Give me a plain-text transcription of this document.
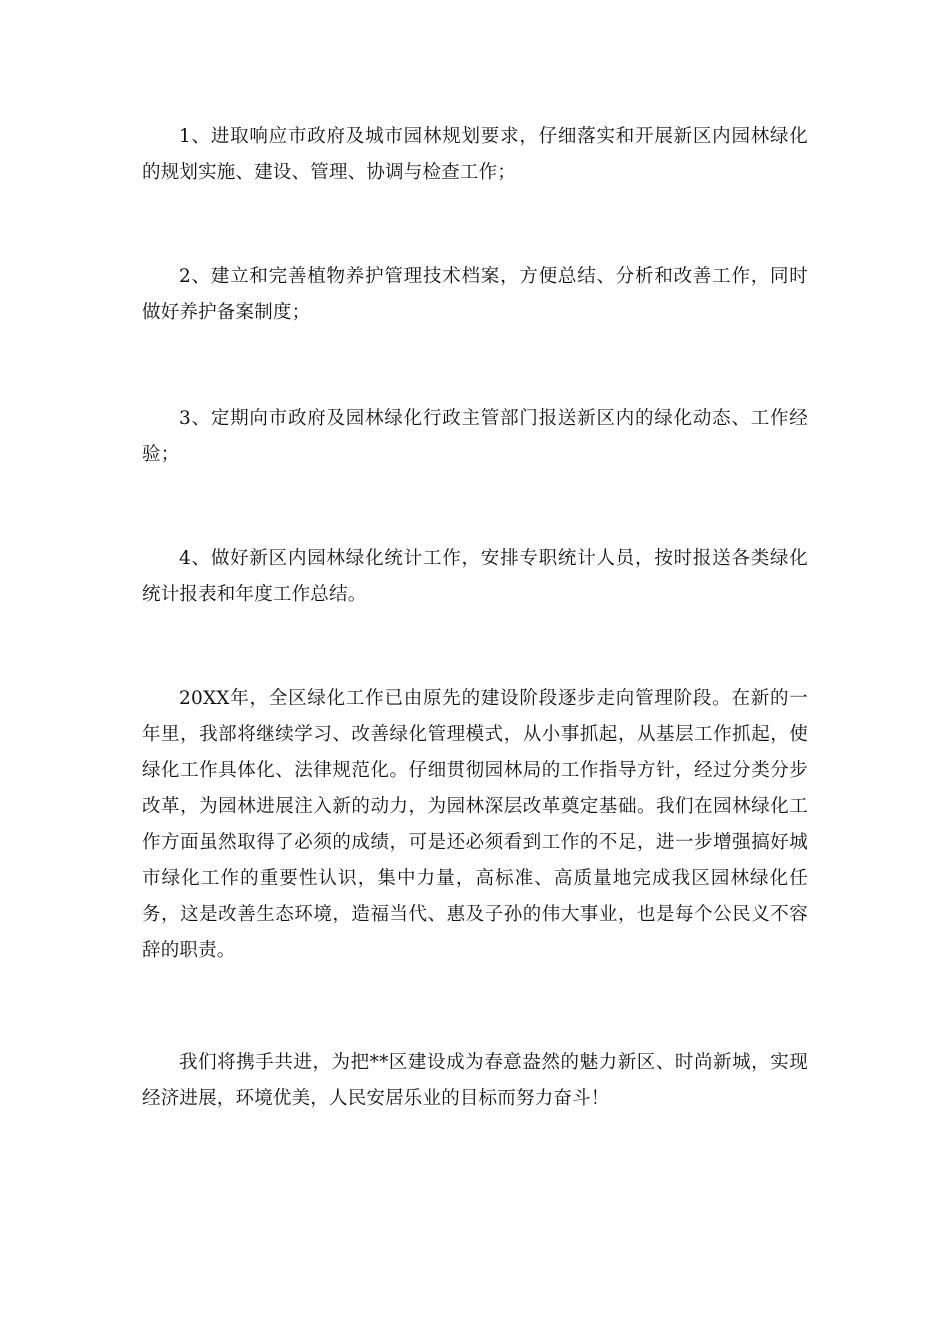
1、进取响应市政府及城市园林规划要求，仔细落实和开展新区内园林绿化的规划实施、建设、管理、协调与检查工作；

2、建立和完善植物养护管理技术档案，方便总结、分析和改善工作，同时做好养护备案制度；

3、定期向市政府及园林绿化行政主管部门报送新区内的绿化动态、工作经验；

4、做好新区内园林绿化统计工作，安排专职统计人员，按时报送各类绿化统计报表和年度工作总结。

20XX年，全区绿化工作已由原先的建设阶段逐步走向管理阶段。在新的一年里，我部将继续学习、改善绿化管理模式，从小事抓起，从基层工作抓起，使绿化工作具体化、法律规范化。仔细贯彻园林局的工作指导方针，经过分类分步改革，为园林进展注入新的动力，为园林深层改革奠定基础。我们在园林绿化工作方面虽然取得了必须的成绩，可是还必须看到工作的不足，进一步增强搞好城市绿化工作的重要性认识，集中力量，高标准、高质量地完成我区园林绿化任务，这是改善生态环境，造福当代、惠及子孙的伟大事业，也是每个公民义不容辞的职责。

我们将携手共进，为把**区建设成为春意盎然的魅力新区、时尚新城，实现经济进展，环境优美，人民安居乐业的目标而努力奋斗！
